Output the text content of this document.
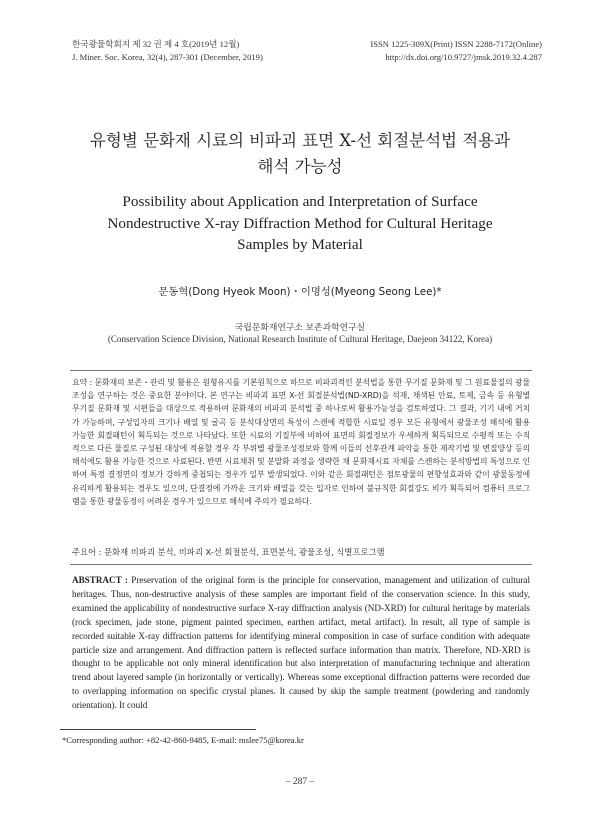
한국광물학회지 제 32 권 제 4 호(2019년 12월)
J. Miner. Soc. Korea, 32(4), 287-301 (December, 2019)
ISSN 1225-309X(Print) ISSN 2288-7172(Online)
http://dx.doi.org/10.9727/jmsk.2019.32.4.287
유형별 문화재 시료의 비파괴 표면 X-선 회절분석법 적용과
해석 가능성
Possibility about Application and Interpretation of Surface
Nondestructive X-ray Diffraction Method for Cultural Heritage
Samples by Material
문동혁(Dong Hyeok Moon)・이명성(Myeong Seong Lee)*
국립문화재연구소 보존과학연구실
(Conservation Science Division, National Research Institute of Cultural Heritage, Daejeon 34122, Korea)

요약 : 문화재의 보존・관리 및 활용은 원형유지를 기본원칙으로 하므로 비파괴적인 분석법을 통한 무기질 문화재 및 그 원료물질의 광물조성을 연구하는 것은 중요한 분야이다. 본 연구는 비파괴 표면 X-선 회절분석법(ND-XRD)을 석재, 채색된 안료, 토제, 금속 등 유형별 무기질 문화재 및 시편들을 대상으로 적용하여 문화재의 비파괴 분석법 중 하나로써 활용가능성을 검토하였다. 그 결과, 기기 내에 거치가 가능하며, 구성입자의 크기나 배열 및 굴곡 등 분석대상면의 특성이 스캔에 적합한 시료일 경우 모든 유형에서 광물조성 해석에 활용 가능한 회절패턴이 획득되는 것으로 나타났다. 또한 시료의 기질부에 비하여 표면의 회절정보가 우세하게 획득되므로 수평적 또는 수직적으로 다른 물질로 구성된 대상에 적용할 경우 각 부위별 광물조성정보와 함께 이들의 선후관계 파악을 통한 제작기법 및 변질양상 등의 해석에도 활용 가능한 것으로 사료된다. 반면 시료채취 및 분말화 과정을 생략한 채 문화재시료 자체를 스캔하는 분석방법의 특성으로 인하여 특정 결정면의 정보가 강하게 중첩되는 경우가 일부 발생되었다. 이와 같은 회절패턴은 점토광물의 편향성효과와 같이 광물동정에 유리하게 활용되는 경우도 있으며, 단결정에 가까운 크기와 배열을 갖는 입자로 인하여 불규칙한 회절강도 비가 획득되어 컴퓨터 프로그램을 통한 광물동정이 어려운 경우가 있으므로 해석에 주의가 필요하다.

주요어 : 문화재 비파괴 분석, 비파괴 X-선 회절분석, 표면분석, 광물조성, 식별프로그램

ABSTRACT : Preservation of the original form is the principle for conservation, management and utilization of cultural heritages. Thus, non-destructive analysis of these samples are important field of the conservation science. In this study, examined the applicability of nondestructive surface X-ray diffraction analysis (ND-XRD) for cultural heritage by materials (rock specimen, jade stone, pigment painted specimen, earthen artifact, metal artifact). In result, all type of sample is recorded suitable X-ray diffraction patterns for identifying mineral composition in case of surface condition with adequate particle size and arrangement. And diffraction pattern is reflected surface information than matrix. Therefore, ND-XRD is thought to be applicable not only mineral identification but also interpretation of manufacturing technique and alteration trend about layered sample (in horizontally or vertically). Whereas some exceptional diffraction patterns were recorded due to overlapping information on specific crystal planes. It caused by skip the sample treatment (powdering and randomly orientation). It could

*Corresponding author: +82-42-860-9485, E-mail: mslee75@korea.kr
– 287 –
